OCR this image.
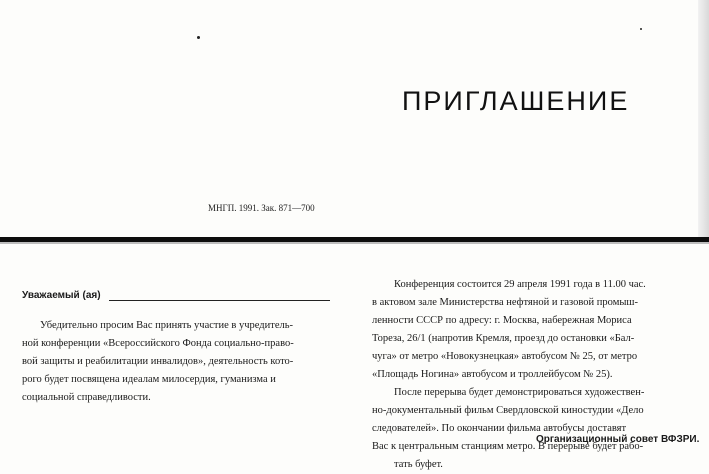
ПРИГЛАШЕНИЕ
МНГП. 1991. Зак. 871—700
Уважаемый (ая)
Убедительно просим Вас принять участие в учредитель-
ной конференции «Всероссийского Фонда социально-право-
вой защиты и реабилитации инвалидов», деятельность кото-
рого будет посвящена идеалам милосердия, гуманизма и
социальной справедливости.
Конференция состоится 29 апреля 1991 года в 11.00 час.
в актовом зале Министерства нефтяной и газовой промыш-
ленности СССР по адресу: г. Москва, набережная Мориса
Тореза, 26/1 (напротив Кремля, проезд до остановки «Бал-
чуга» от метро «Новокузнецкая» автобусом № 25, от метро
«Площадь Ногина» автобусом и троллейбусом № 25).
После перерыва будет демонстрироваться художествен-
но-документальный фильм Свердловской киностудии «Дело
следователей». По окончании фильма автобусы доставят
Вас к центральным станциям метро. В перерыве будет рабо-
тать буфет.
Организационный совет ВФЗРИ.
